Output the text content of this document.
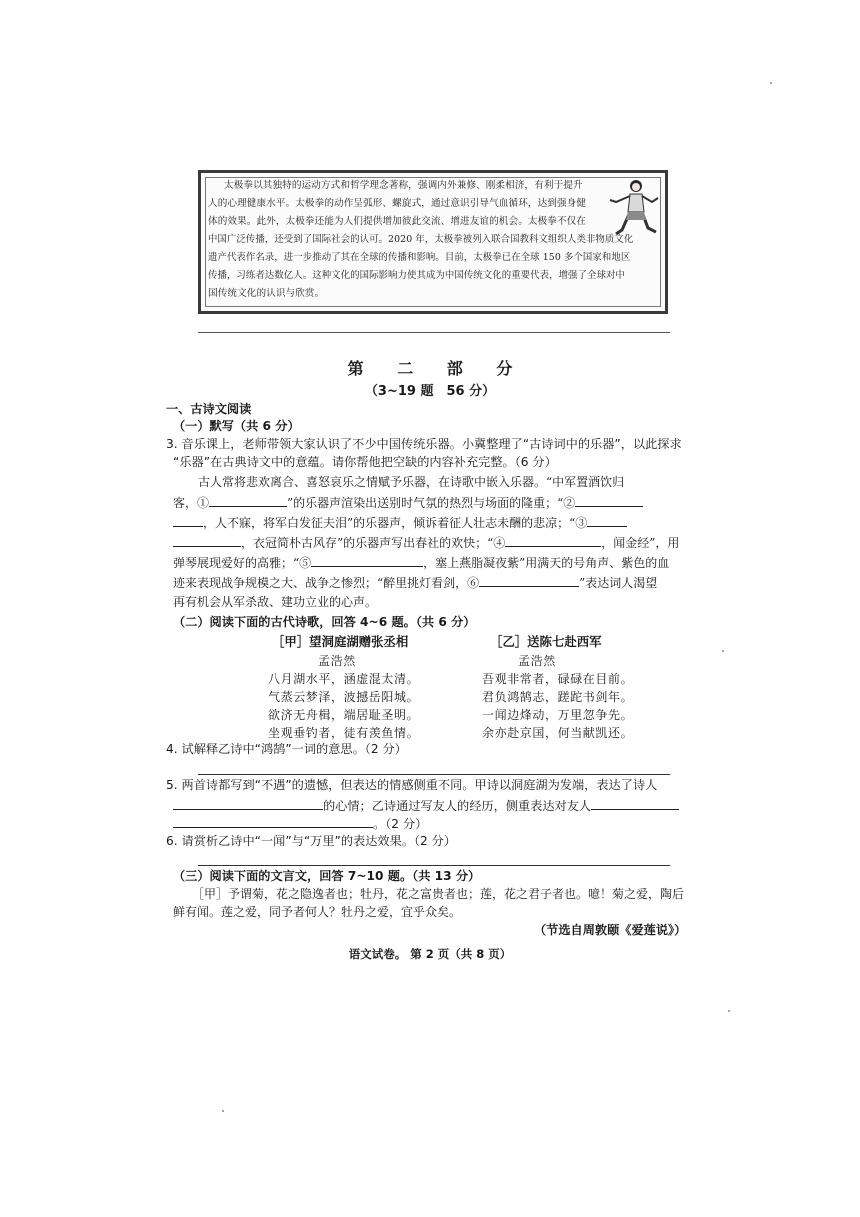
太极拳以其独特的运动方式和哲学理念著称，强调内外兼修、刚柔相济，有利于提升
人的心理健康水平。太极拳的动作呈弧形、螺旋式，通过意识引导气血循环，达到强身健
体的效果。此外，太极拳还能为人们提供增加彼此交流、增进友谊的机会。太极拳不仅在
中国广泛传播，还受到了国际社会的认可。2020 年，太极拳被列入联合国教科文组织人类非物质文化
遗产代表作名录，进一步推动了其在全球的传播和影响。目前，太极拳已在全球 150 多个国家和地区
传播，习练者达数亿人。这种文化的国际影响力使其成为中国传统文化的重要代表，增强了全球对中
国传统文化的认识与欣赏。
第 二 部 分
（3~19 题　56 分）
一、古诗文阅读
（一）默写（共 6 分）
3. 音乐课上，老师带领大家认识了不少中国传统乐器。小冀整理了“古诗词中的乐器”，以此探求
“乐器”在古典诗文中的意蕴。请你帮他把空缺的内容补充完整。（6 分）
古人常将悲欢离合、喜怒哀乐之情赋予乐器，在诗歌中嵌入乐器。“中军置酒饮归
客，①	”的乐器声渲染出送别时气氛的热烈与场面的隆重；“②
，人不寐，将军白发征夫泪”的乐器声，倾诉着征人壮志未酬的悲凉；“③
，衣冠简朴古风存”的乐器声写出春社的欢快；“④	，闻金经”，用
弹琴展现爱好的高雅；“⑤	，塞上燕脂凝夜紫”用满天的号角声、紫色的血
迹来表现战争规模之大、战争之惨烈；“醉里挑灯看剑，⑥	”表达词人渴望
再有机会从军杀敌、建功立业的心声。
（二）阅读下面的古代诗歌，回答 4~6 题。（共 6 分）
［甲］望洞庭湖赠张丞相
孟浩然
八月湖水平，涵虚混太清。
气蒸云梦泽，波撼岳阳城。
欲济无舟楫，端居耻圣明。
坐观垂钓者，徒有羡鱼情。
［乙］送陈七赴西军
孟浩然
吾观非常者，碌碌在目前。
君负鸿鹄志，蹉跎书剑年。
一闻边烽动，万里忽争先。
余亦赴京国，何当献凯还。
4. 试解释乙诗中“鸿鹄”一词的意思。（2 分）
5. 两首诗都写到“不遇”的遗憾，但表达的情感侧重不同。甲诗以洞庭湖为发端，表达了诗人
的心情；乙诗通过写友人的经历，侧重表达对友人
。（2 分）
6. 请赏析乙诗中“一闻”与“万里”的表达效果。（2 分）
（三）阅读下面的文言文，回答 7~10 题。（共 13 分）
［甲］予谓菊，花之隐逸者也；牡丹，花之富贵者也；莲，花之君子者也。噫！菊之爱，陶后
鲜有闻。莲之爱，同予者何人？牡丹之爱，宜乎众矣。
（节选自周敦颐《爱莲说》）
语文试卷。 第 2 页（共 8 页）
